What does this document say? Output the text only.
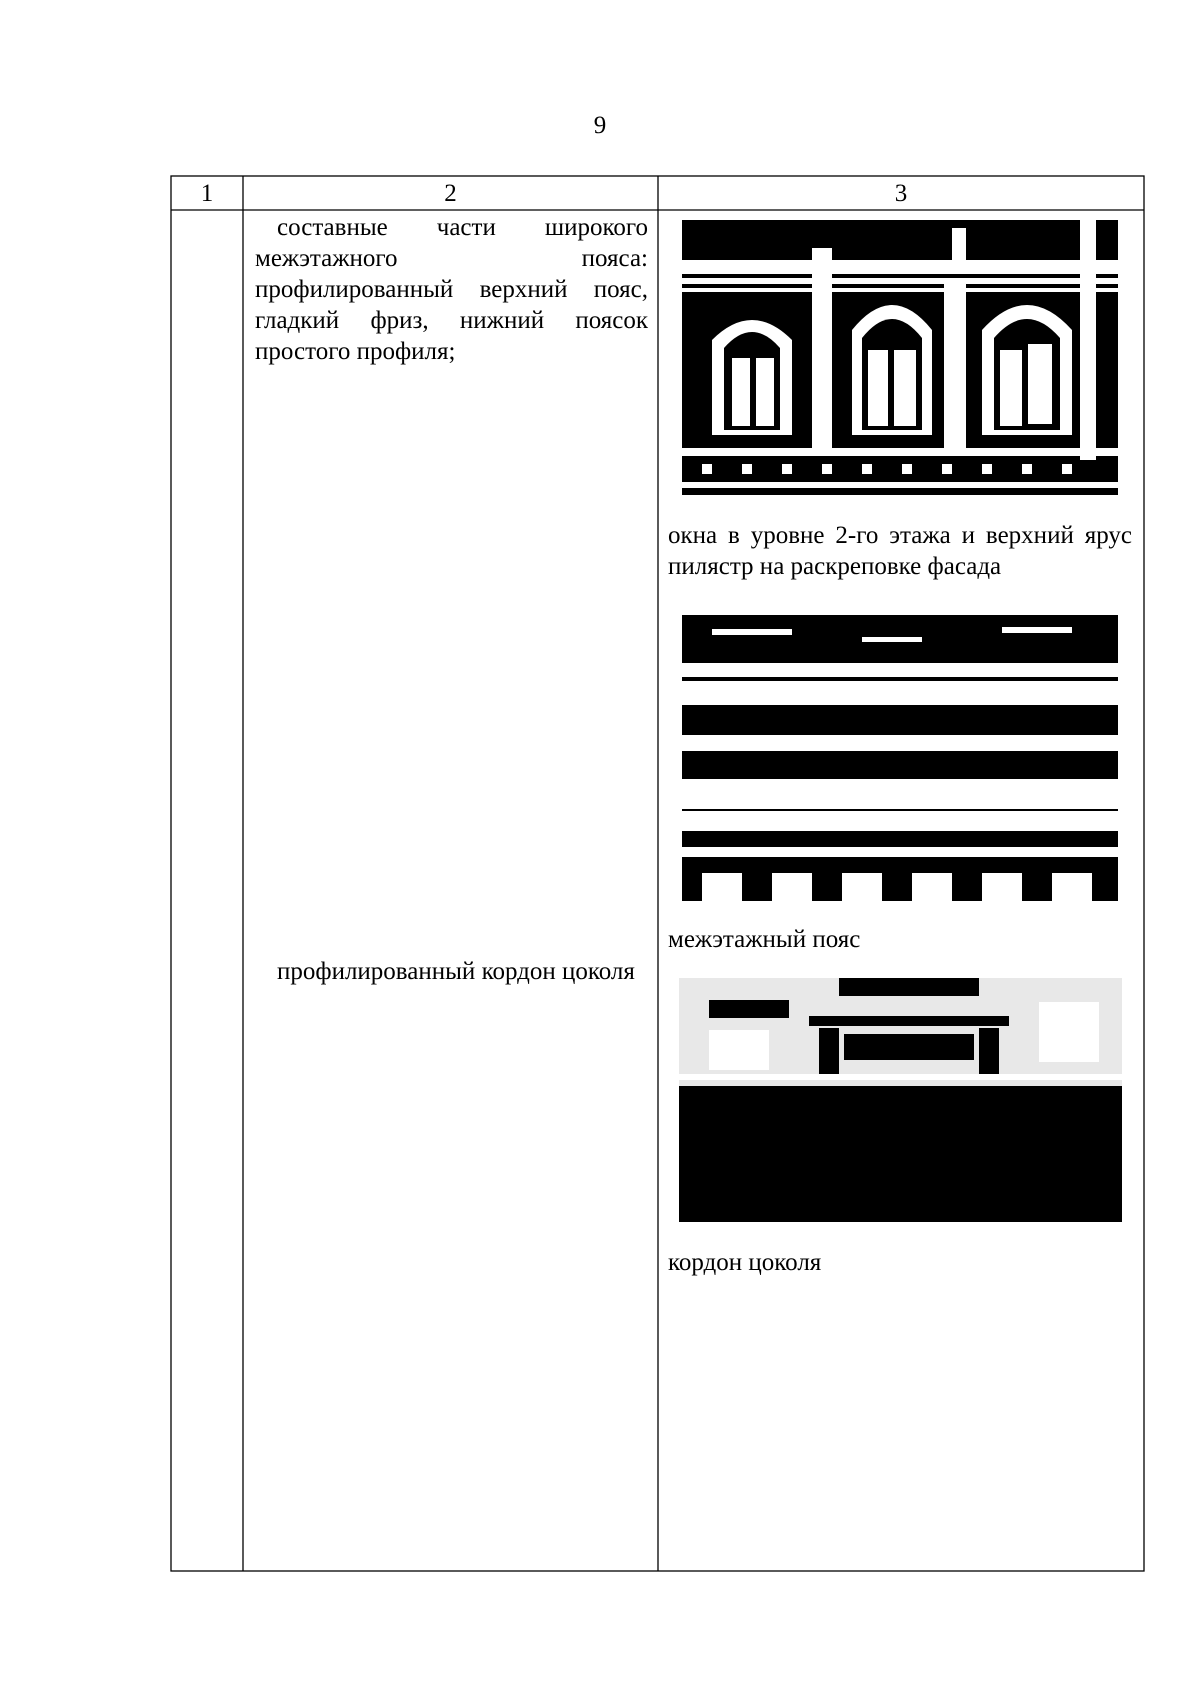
9
1	2	3
составные части широкого межэтажного пояса: профилированный верхний пояс, гладкий фриз, нижний поясок простого профиля;
профилированный кордон цоколя
окна в уровне 2-го этажа и верхний ярус пилястр на раскреповке фасада
межэтажный пояс
кордон цоколя
